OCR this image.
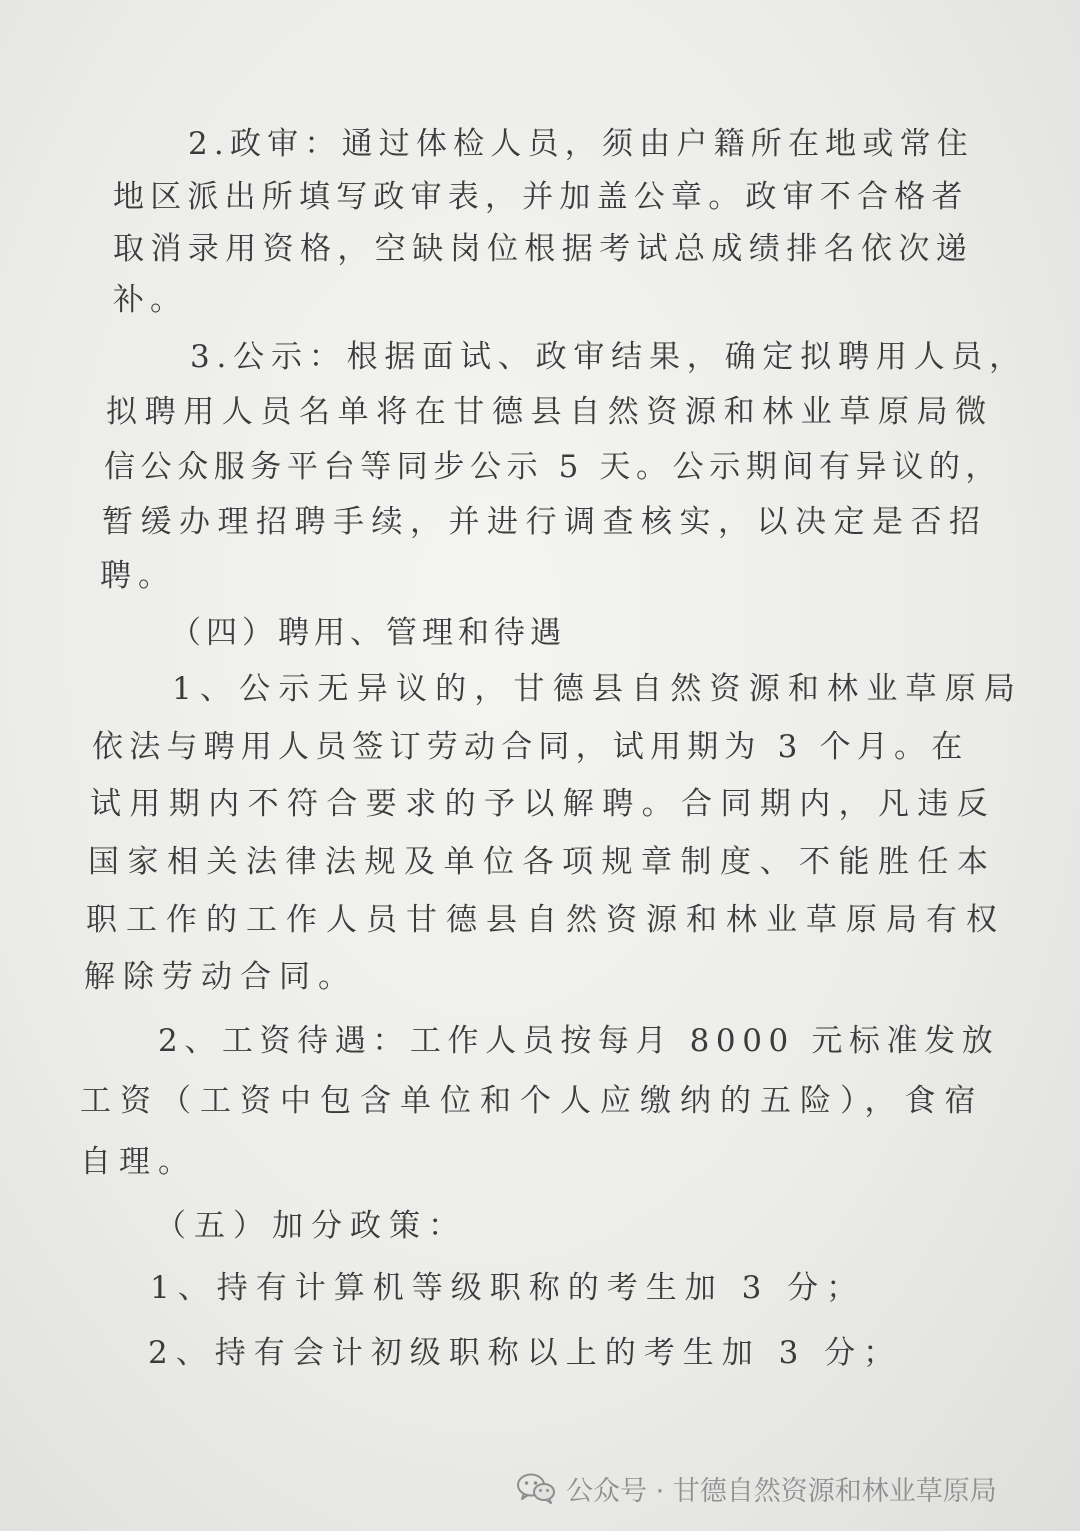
2.政审：通过体检人员，须由户籍所在地或常住
地区派出所填写政审表，并加盖公章。政审不合格者
取消录用资格，空缺岗位根据考试总成绩排名依次递
补。
3.公示：根据面试、政审结果，确定拟聘用人员，
拟聘用人员名单将在甘德县自然资源和林业草原局微
信公众服务平台等同步公示 5 天。公示期间有异议的，
暂缓办理招聘手续，并进行调查核实，以决定是否招
聘。
（四）聘用、管理和待遇
1、公示无异议的，甘德县自然资源和林业草原局
依法与聘用人员签订劳动合同，试用期为 3 个月。在
试用期内不符合要求的予以解聘。合同期内，凡违反
国家相关法律法规及单位各项规章制度、不能胜任本
职工作的工作人员甘德县自然资源和林业草原局有权
解除劳动合同。
2、工资待遇：工作人员按每月 8000 元标准发放
工资（工资中包含单位和个人应缴纳的五险），食宿
自理。
（五）加分政策：
1、持有计算机等级职称的考生加 3 分；
2、持有会计初级职称以上的考生加 3 分；
公众号 · 甘德自然资源和林业草原局
